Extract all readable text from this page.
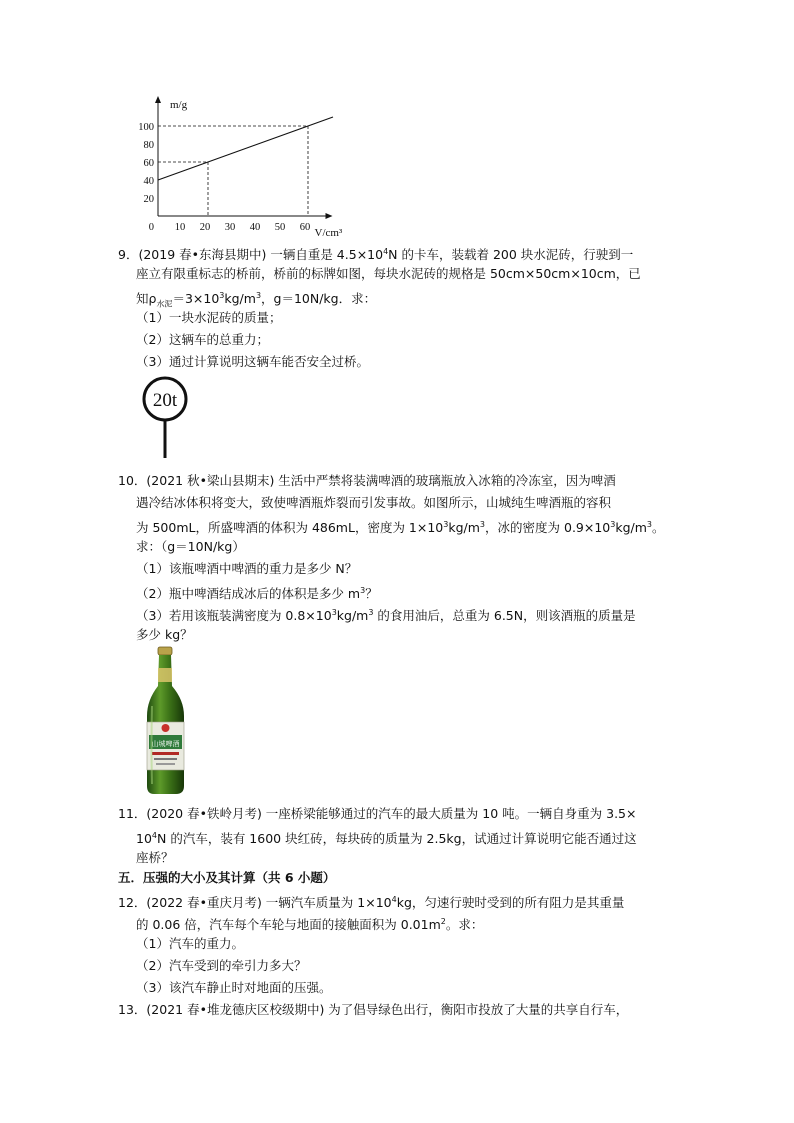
m/g
V/cm³
0 10 20 30 40 50 60
20
40
60
80
100
9．(2019 春•东海县期中) 一辆自重是 $4.5\times 10^4N$ 的卡车，装载着 200 块水泥砖，行驶到一
座立有限重标志的桥前，桥前的标牌如图，每块水泥砖的规格是 50cm×50cm×10cm，已
知$\rho_{水泥}=3\times 10^3kg/m^3$，g＝10N/kg．求：
（1）一块水泥砖的质量；
（2）这辆车的总重力；
（3）通过计算说明这辆车能否安全过桥。
20t
10．(2021 秋•梁山县期末) 生活中严禁将装满啤酒的玻璃瓶放入冰箱的冷冻室，因为啤酒
遇冷结冰体积将变大，致使啤酒瓶炸裂而引发事故。如图所示，山城纯生啤酒瓶的容积
为 500mL，所盛啤酒的体积为 486mL，密度为 $1\times 10^3kg/m^3$，冰的密度为 $0.9\times 10^3kg/m^3$。
求：（g＝10N/kg）
（1）该瓶啤酒中啤酒的重力是多少 N？
（2）瓶中啤酒结成冰后的体积是多少 $m^3$？
（3）若用该瓶装满密度为 $0.8\times 10^3kg/m^3$ 的食用油后，总重为 6.5N，则该酒瓶的质量是
多少 kg？
山城啤酒
11．(2020 春•铁岭月考) 一座桥梁能够通过的汽车的最大质量为 10 吨。一辆自身重为 3.5×
$10^4N$ 的汽车，装有 1600 块红砖，每块砖的质量为 2.5kg，试通过计算说明它能否通过这
座桥？
五．压强的大小及其计算（共 6 小题）
12．(2022 春•重庆月考) 一辆汽车质量为 $1\times 10^4kg$，匀速行驶时受到的所有阻力是其重量
的 0.06 倍，汽车每个车轮与地面的接触面积为 $0.01m^2$。求：
（1）汽车的重力。
（2）汽车受到的牵引力多大？
（3）该汽车静止时对地面的压强。
13．(2021 春•堆龙德庆区校级期中) 为了倡导绿色出行，衡阳市投放了大量的共享自行车，
